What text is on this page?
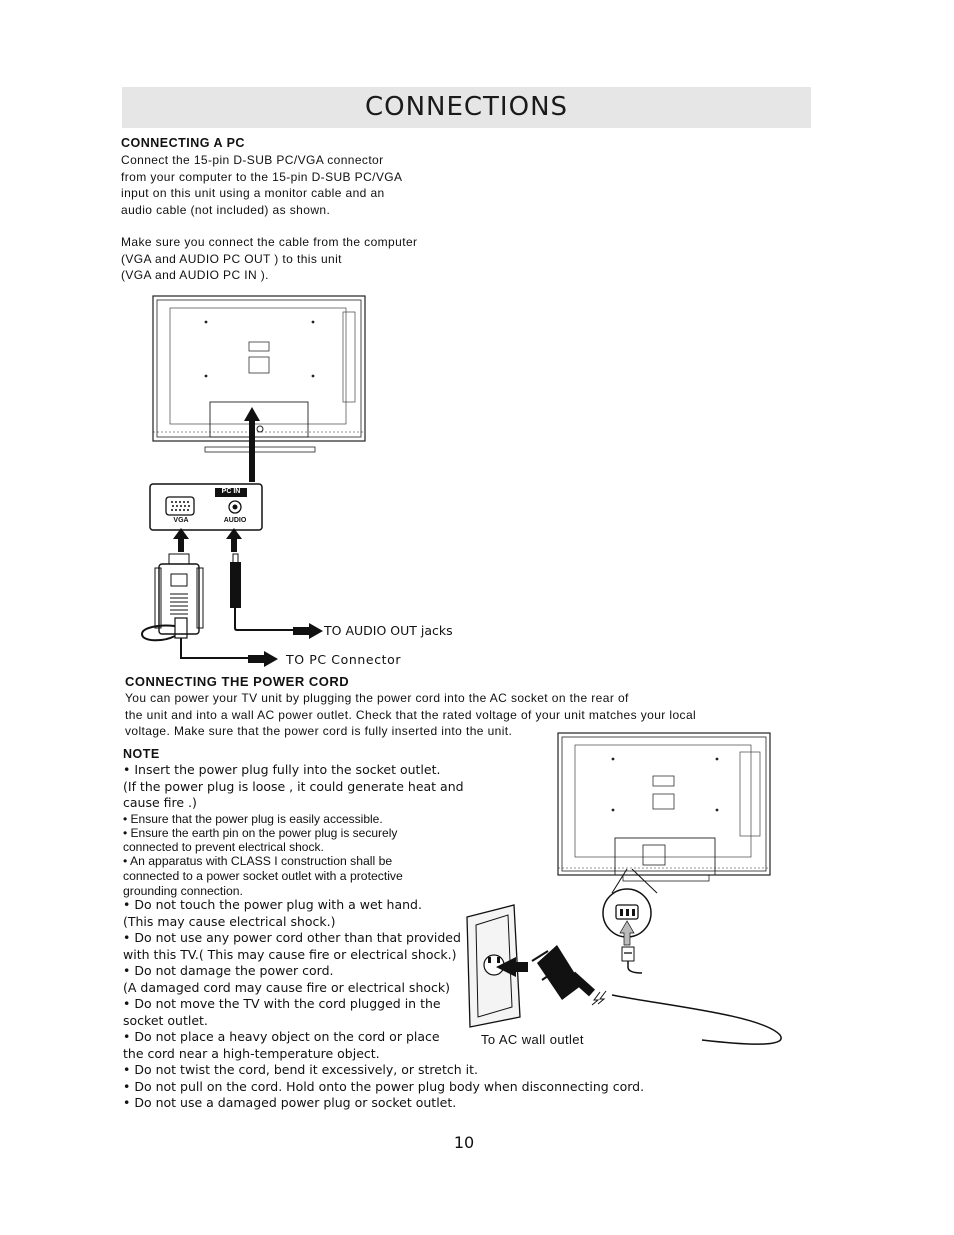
CONNECTIONS
CONNECTING A PC
Connect the 15-pin D-SUB PC/VGA connector
from your computer to the 15-pin D-SUB PC/VGA
input on this unit using a monitor cable and an
audio cable (not included) as shown.
Make sure you connect the cable from the computer
(VGA and AUDIO PC OUT ) to this unit
(VGA and AUDIO PC IN ).
PC IN
VGA	AUDIO
TO AUDIO OUT jacks
TO PC Connector
CONNECTING THE POWER CORD
You can power your TV unit by plugging the power cord into the AC socket on the rear of
the unit and into a wall AC power outlet. Check that the rated voltage of your unit matches your local
voltage. Make sure that the power cord is fully inserted into the unit.
NOTE
• Insert the power plug fully into the socket outlet.
(If the power plug is loose , it could generate heat and
cause fire .)
• Ensure that the power plug is easily accessible.
• Ensure the earth pin on the power plug is securely
connected to prevent electrical shock.
• An apparatus with CLASS I construction shall be
connected to a power socket outlet with a protective
grounding connection.
• Do not touch the power plug with a wet hand.
(This may cause electrical shock.)
• Do not use any power cord other than that provided
with this TV.( This may cause fire or electrical shock.)
• Do not damage the power cord.
(A damaged cord may cause fire or electrical shock)
• Do not move the TV with the cord plugged in the
socket outlet.
• Do not place a heavy object on the cord or place
the cord near a high-temperature object.
• Do not twist the cord, bend it excessively, or stretch it.
• Do not pull on the cord. Hold onto the power plug body when disconnecting cord.
• Do not use a damaged power plug or socket outlet.
To AC wall outlet
10
